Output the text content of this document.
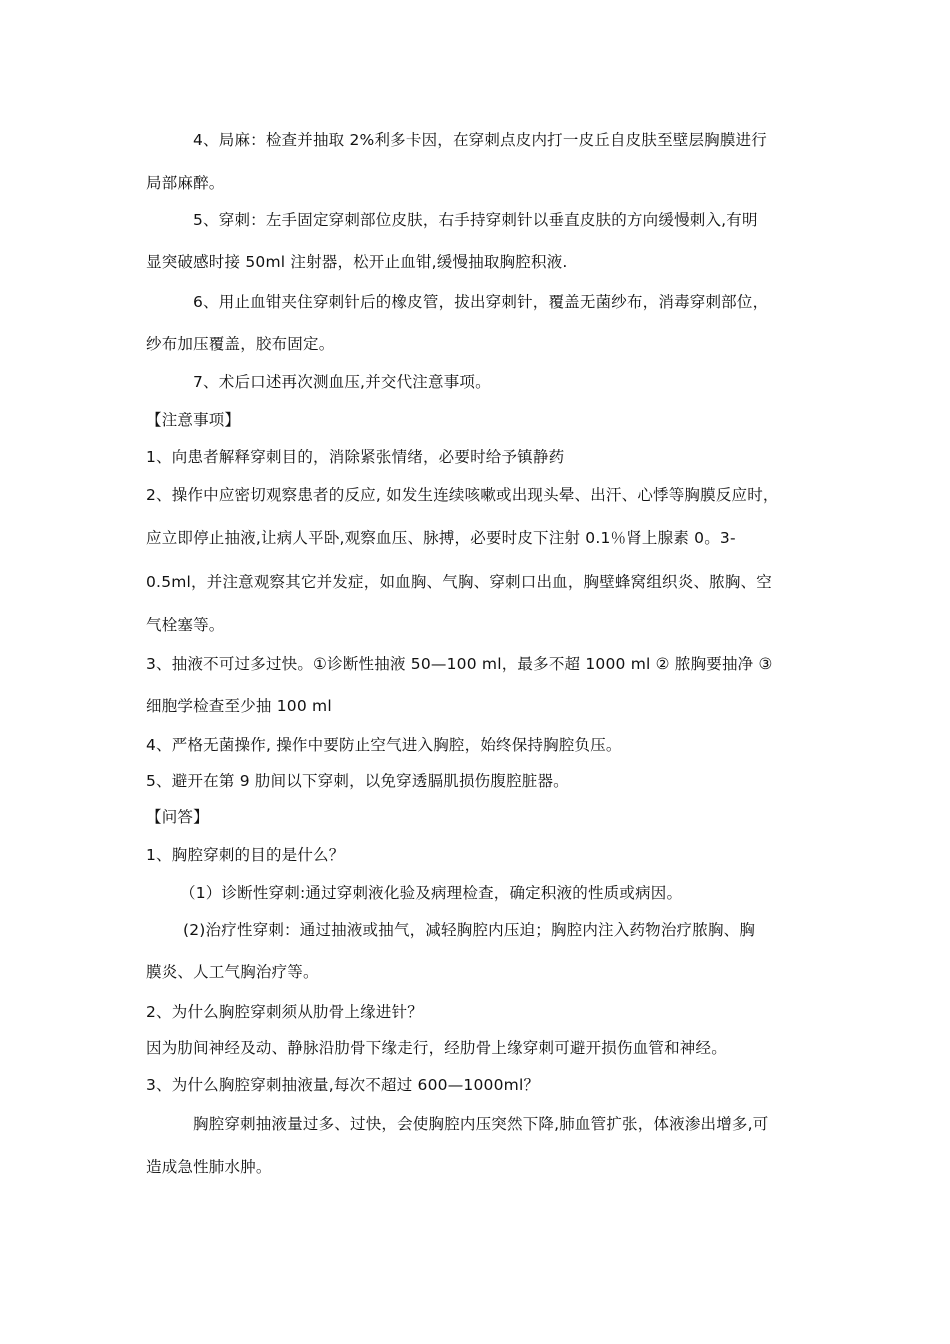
4、局麻：检查并抽取 2%利多卡因，在穿刺点皮内打一皮丘自皮肤至壁层胸膜进行
局部麻醉。
5、穿刺：左手固定穿刺部位皮肤，右手持穿刺针以垂直皮肤的方向缓慢刺入,有明
显突破感时接 50ml 注射器，松开止血钳,缓慢抽取胸腔积液.
6、用止血钳夹住穿刺针后的橡皮管，拔出穿刺针，覆盖无菌纱布，消毒穿刺部位，
纱布加压覆盖，胶布固定。
7、术后口述再次测血压,并交代注意事项。
【注意事项】
1、向患者解释穿刺目的，消除紧张情绪，必要时给予镇静药
2、操作中应密切观察患者的反应, 如发生连续咳嗽或出现头晕、出汗、心悸等胸膜反应时，
应立即停止抽液,让病人平卧,观察血压、脉搏，必要时皮下注射 0.1％肾上腺素 0。3-
0.5ml，并注意观察其它并发症，如血胸、气胸、穿刺口出血，胸壁蜂窝组织炎、脓胸、空
气栓塞等。
3、抽液不可过多过快。①诊断性抽液 50—100 ml，最多不超 1000 ml ② 脓胸要抽净 ③
细胞学检查至少抽 100 ml
4、严格无菌操作, 操作中要防止空气进入胸腔，始终保持胸腔负压。
5、避开在第 9 肋间以下穿刺，以免穿透膈肌损伤腹腔脏器。
【问答】
1、胸腔穿刺的目的是什么？
（1）诊断性穿刺:通过穿刺液化验及病理检查，确定积液的性质或病因。
(2)治疗性穿刺：通过抽液或抽气，减轻胸腔内压迫；胸腔内注入药物治疗脓胸、胸
膜炎、人工气胸治疗等。
2、为什么胸腔穿刺须从肋骨上缘进针？
因为肋间神经及动、静脉沿肋骨下缘走行，经肋骨上缘穿刺可避开损伤血管和神经。
3、为什么胸腔穿刺抽液量,每次不超过 600—1000ml？
胸腔穿刺抽液量过多、过快，会使胸腔内压突然下降,肺血管扩张，体液渗出增多,可
造成急性肺水肿。
